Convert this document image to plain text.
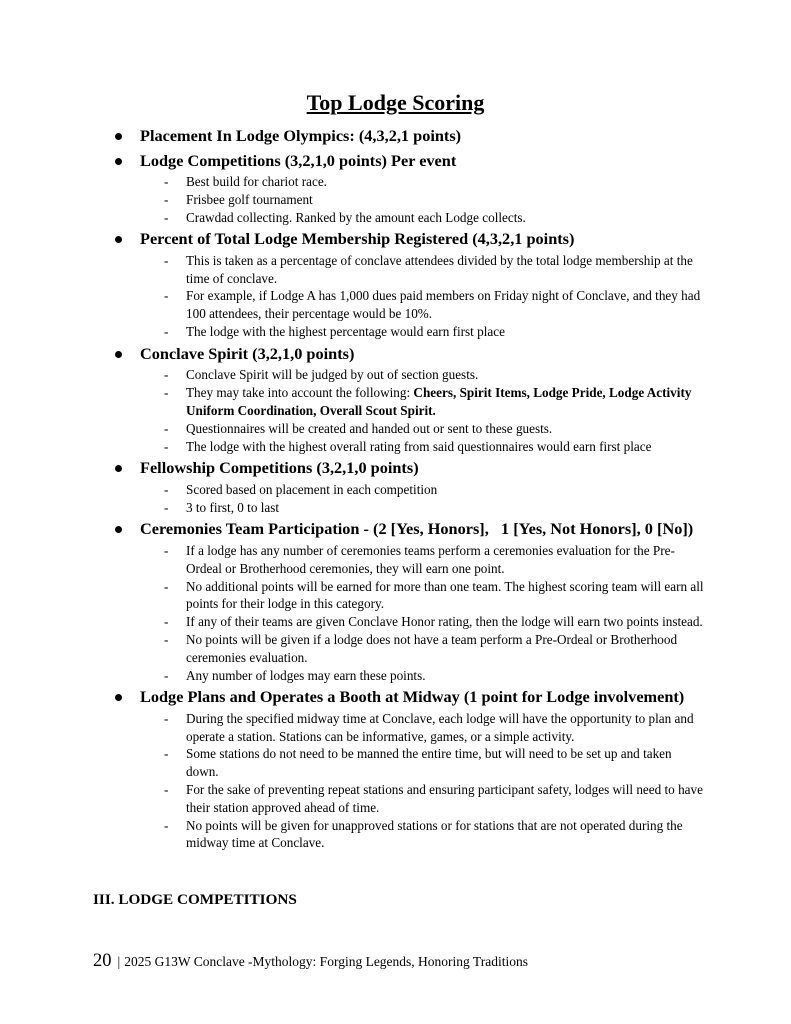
Top Lodge Scoring
Placement In Lodge Olympics: (4,3,2,1 points)
Lodge Competitions (3,2,1,0 points) Per event
-	Best build for chariot race.
-	Frisbee golf tournament
-	Crawdad collecting. Ranked by the amount each Lodge collects.
Percent of Total Lodge Membership Registered (4,3,2,1 points)
-	This is taken as a percentage of conclave attendees divided by the total lodge membership at the time of conclave.
-	For example, if Lodge A has 1,000 dues paid members on Friday night of Conclave, and they had 100 attendees, their percentage would be 10%.
-	The lodge with the highest percentage would earn first place
Conclave Spirit (3,2,1,0 points)
-	Conclave Spirit will be judged by out of section guests.
-	They may take into account the following: Cheers, Spirit Items, Lodge Pride, Lodge Activity Uniform Coordination, Overall Scout Spirit.
-	Questionnaires will be created and handed out or sent to these guests.
-	The lodge with the highest overall rating from said questionnaires would earn first place
Fellowship Competitions (3,2,1,0 points)
-	Scored based on placement in each competition
-	3 to first, 0 to last
Ceremonies Team Participation - (2 [Yes, Honors],   1 [Yes, Not Honors], 0 [No])
-	If a lodge has any number of ceremonies teams perform a ceremonies evaluation for the Pre-Ordeal or Brotherhood ceremonies, they will earn one point.
-	No additional points will be earned for more than one team. The highest scoring team will earn all points for their lodge in this category.
-	If any of their teams are given Conclave Honor rating, then the lodge will earn two points instead.
-	No points will be given if a lodge does not have a team perform a Pre-Ordeal or Brotherhood ceremonies evaluation.
-	Any number of lodges may earn these points.
Lodge Plans and Operates a Booth at Midway (1 point for Lodge involvement)
-	During the specified midway time at Conclave, each lodge will have the opportunity to plan and operate a station. Stations can be informative, games, or a simple activity.
-	Some stations do not need to be manned the entire time, but will need to be set up and taken down.
-	For the sake of preventing repeat stations and ensuring participant safety, lodges will need to have their station approved ahead of time.
-	No points will be given for unapproved stations or for stations that are not operated during the midway time at Conclave.
III. LODGE COMPETITIONS
20 | 2025 G13W Conclave -Mythology: Forging Legends, Honoring Traditions
